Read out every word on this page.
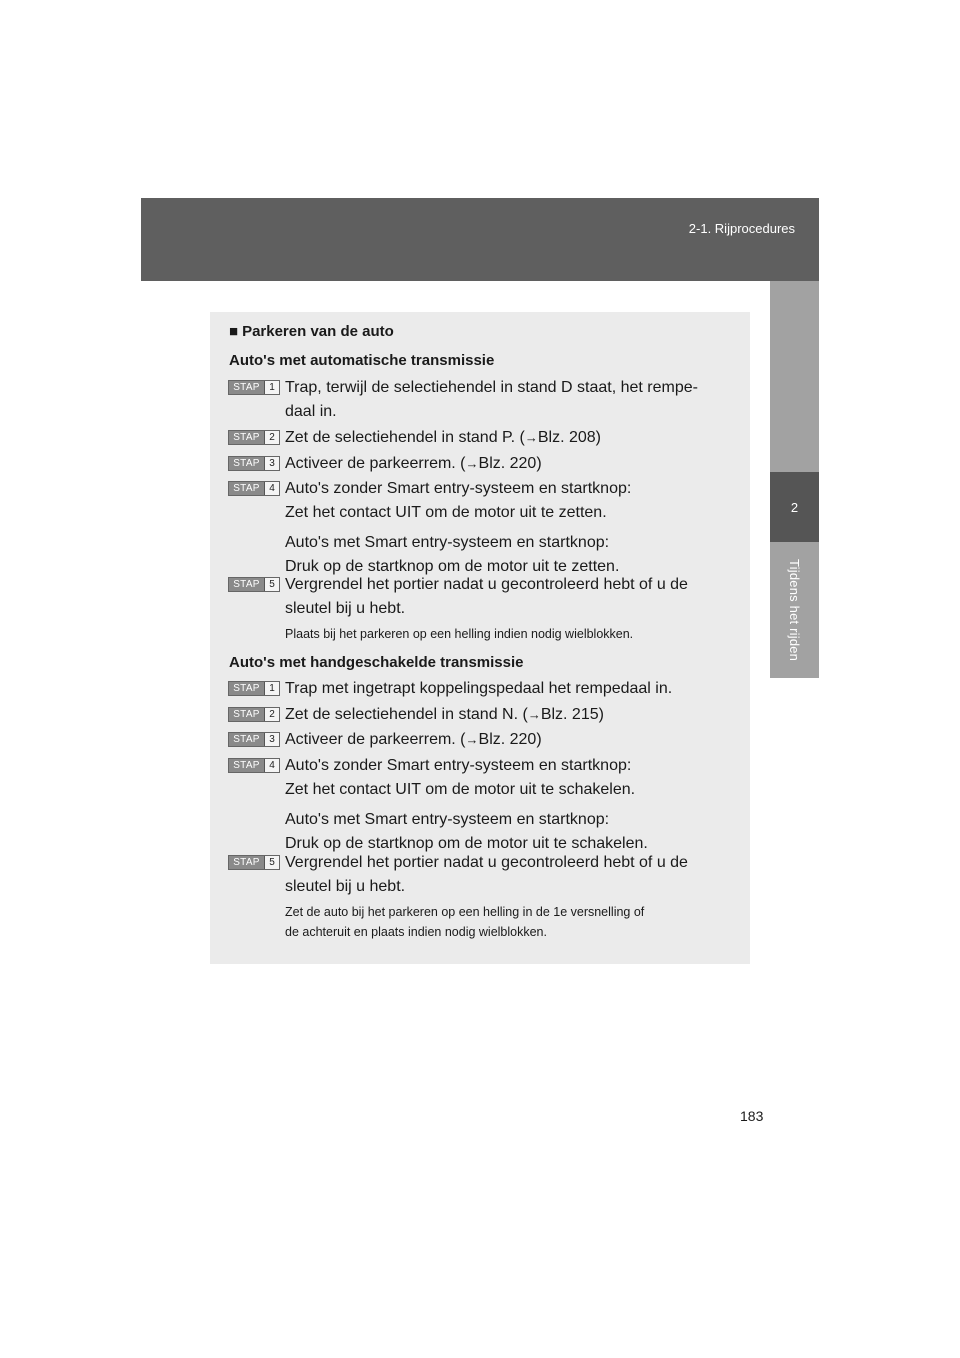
2-1. Rijprocedures
2
Tijdens het rijden
■ Parkeren van de auto
Auto's met automatische transmissie
STAP 1 Trap, terwijl de selectiehendel in stand D staat, het rempe-
daal in.
STAP 2 Zet de selectiehendel in stand P. (→Blz. 208)
STAP 3 Activeer de parkeerrem. (→Blz. 220)
STAP 4 Auto's zonder Smart entry-systeem en startknop:
Zet het contact UIT om de motor uit te zetten.
Auto's met Smart entry-systeem en startknop:
Druk op de startknop om de motor uit te zetten.
STAP 5 Vergrendel het portier nadat u gecontroleerd hebt of u de
sleutel bij u hebt.
Plaats bij het parkeren op een helling indien nodig wielblokken.
Auto's met handgeschakelde transmissie
STAP 1 Trap met ingetrapt koppelingspedaal het rempedaal in.
STAP 2 Zet de selectiehendel in stand N. (→Blz. 215)
STAP 3 Activeer de parkeerrem. (→Blz. 220)
STAP 4 Auto's zonder Smart entry-systeem en startknop:
Zet het contact UIT om de motor uit te schakelen.
Auto's met Smart entry-systeem en startknop:
Druk op de startknop om de motor uit te schakelen.
STAP 5 Vergrendel het portier nadat u gecontroleerd hebt of u de
sleutel bij u hebt.
Zet de auto bij het parkeren op een helling in de 1e versnelling of
de achteruit en plaats indien nodig wielblokken.
183
